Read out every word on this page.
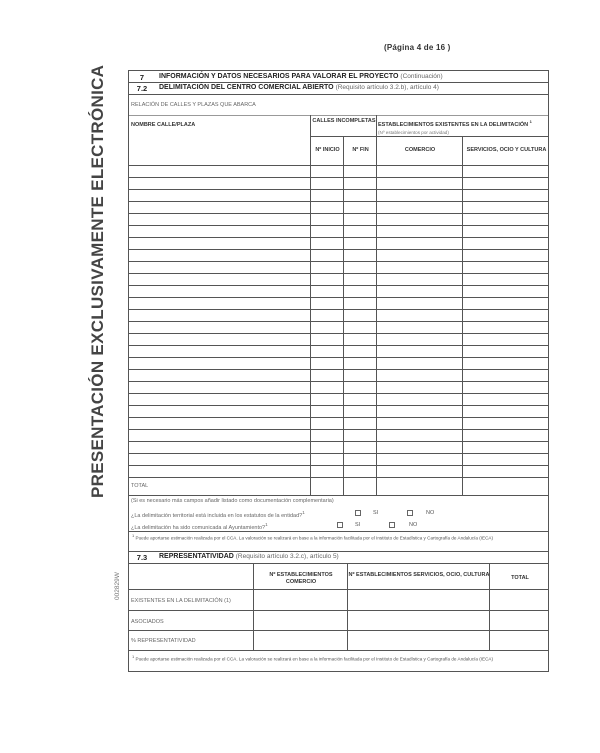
(Página 4 de 16 )
PRESENTACIÓN EXCLUSIVAMENTE ELECTRÓNICA
002829W
7	INFORMACIÓN Y DATOS NECESARIOS PARA VALORAR EL PROYECTO (Continuación)
7.2	DELIMITACIÓN DEL CENTRO COMERCIAL ABIERTO (Requisito artículo 3.2.b), artículo 4)
RELACIÓN DE CALLES Y PLAZAS QUE ABARCA
NOMBRE CALLE/PLAZA
CALLES INCOMPLETAS
ESTABLECIMIENTOS EXISTENTES EN LA DELIMITACIÓN $^1$
(Nº establecimientos por actividad)
Nº INICIO	Nº FIN	COMERCIO	SERVICIOS, OCIO Y CULTURA
TOTAL
(Si es necesario más campos añadir listado como documentación complementaria)
¿La delimitación territorial está incluida en los estatutos de la entidad?$^1$	SI	NO
¿La delimitación ha sido comunicada al Ayuntamiento?$^1$	SI	NO
$^1$ Puede aportarse estimación realizada por el CCA. La valoración se realizará en base a la información facilitada por el Instituto de Estadística y Cartografía de Andalucía (IECA)
7.3	REPRESENTATIVIDAD (Requisito artículo 3.2.c), artículo 5)
Nº ESTABLECIMIENTOS COMERCIO
Nº ESTABLECIMIENTOS SERVICIOS, OCIO, CULTURA	TOTAL
EXISTENTES EN LA DELIMITACIÓN (1)
ASOCIADOS
% REPRESENTATIVIDAD
$^1$ Puede aportarse estimación realizada por el CCA. La valoración se realizará en base a la información facilitada por el Instituto de Estadística y Cartografía de Andalucía (IECA)
